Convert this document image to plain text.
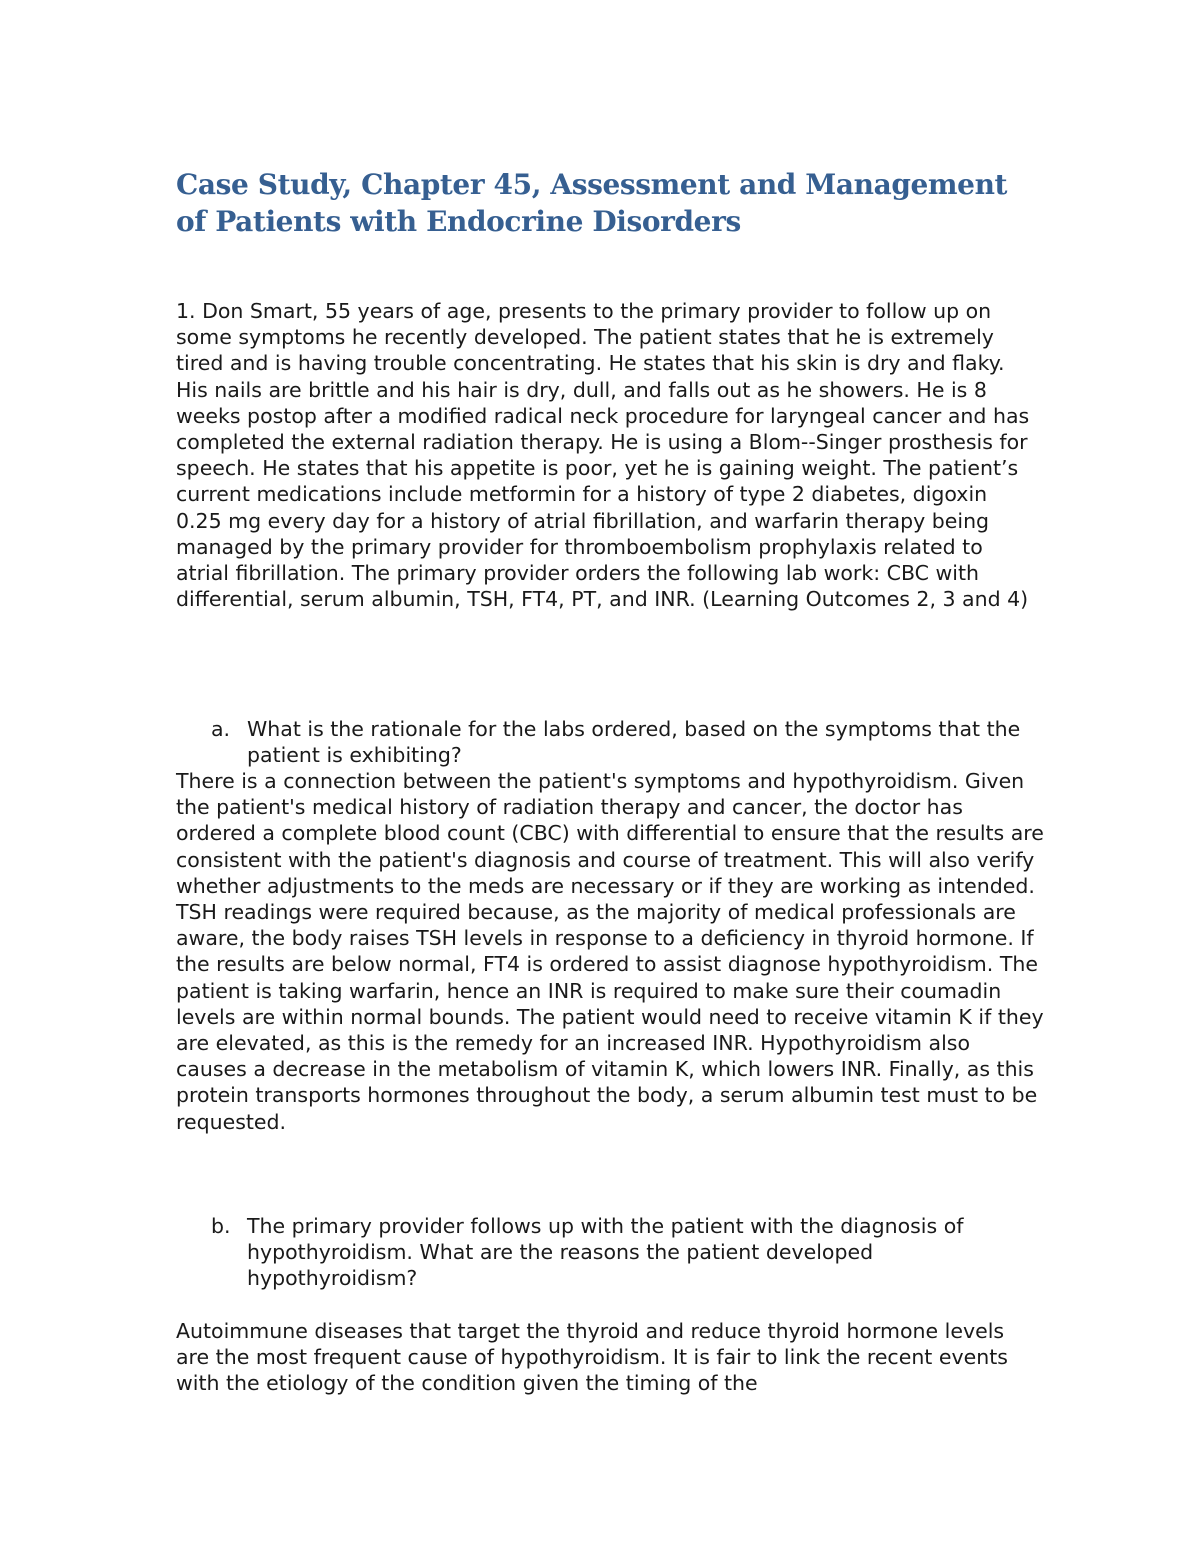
Case Study, Chapter 45, Assessment and Management of Patients with Endocrine Disorders

1. Don Smart, 55 years of age, presents to the primary provider to follow up on some symptoms he recently developed. The patient states that he is extremely tired and is having trouble concentrating. He states that his skin is dry and flaky. His nails are brittle and his hair is dry, dull, and falls out as he showers. He is 8 weeks postop after a modified radical neck procedure for laryngeal cancer and has completed the external radiation therapy. He is using a Blom--Singer prosthesis for speech. He states that his appetite is poor, yet he is gaining weight. The patient’s current medications include metformin for a history of type 2 diabetes, digoxin 0.25 mg every day for a history of atrial fibrillation, and warfarin therapy being managed by the primary provider for thromboembolism prophylaxis related to atrial fibrillation. The primary provider orders the following lab work: CBC with differential, serum albumin, TSH, FT4, PT, and INR. (Learning Outcomes 2, 3 and 4)

a. What is the rationale for the labs ordered, based on the symptoms that the patient is exhibiting?

There is a connection between the patient's symptoms and hypothyroidism. Given the patient's medical history of radiation therapy and cancer, the doctor has ordered a complete blood count (CBC) with differential to ensure that the results are consistent with the patient's diagnosis and course of treatment. This will also verify whether adjustments to the meds are necessary or if they are working as intended. TSH readings were required because, as the majority of medical professionals are aware, the body raises TSH levels in response to a deficiency in thyroid hormone. If the results are below normal, FT4 is ordered to assist diagnose hypothyroidism. The patient is taking warfarin, hence an INR is required to make sure their coumadin levels are within normal bounds. The patient would need to receive vitamin K if they are elevated, as this is the remedy for an increased INR. Hypothyroidism also causes a decrease in the metabolism of vitamin K, which lowers INR. Finally, as this protein transports hormones throughout the body, a serum albumin test must to be requested.

b. The primary provider follows up with the patient with the diagnosis of hypothyroidism. What are the reasons the patient developed hypothyroidism?

Autoimmune diseases that target the thyroid and reduce thyroid hormone levels are the most frequent cause of hypothyroidism. It is fair to link the recent events with the etiology of the condition given the timing of the
